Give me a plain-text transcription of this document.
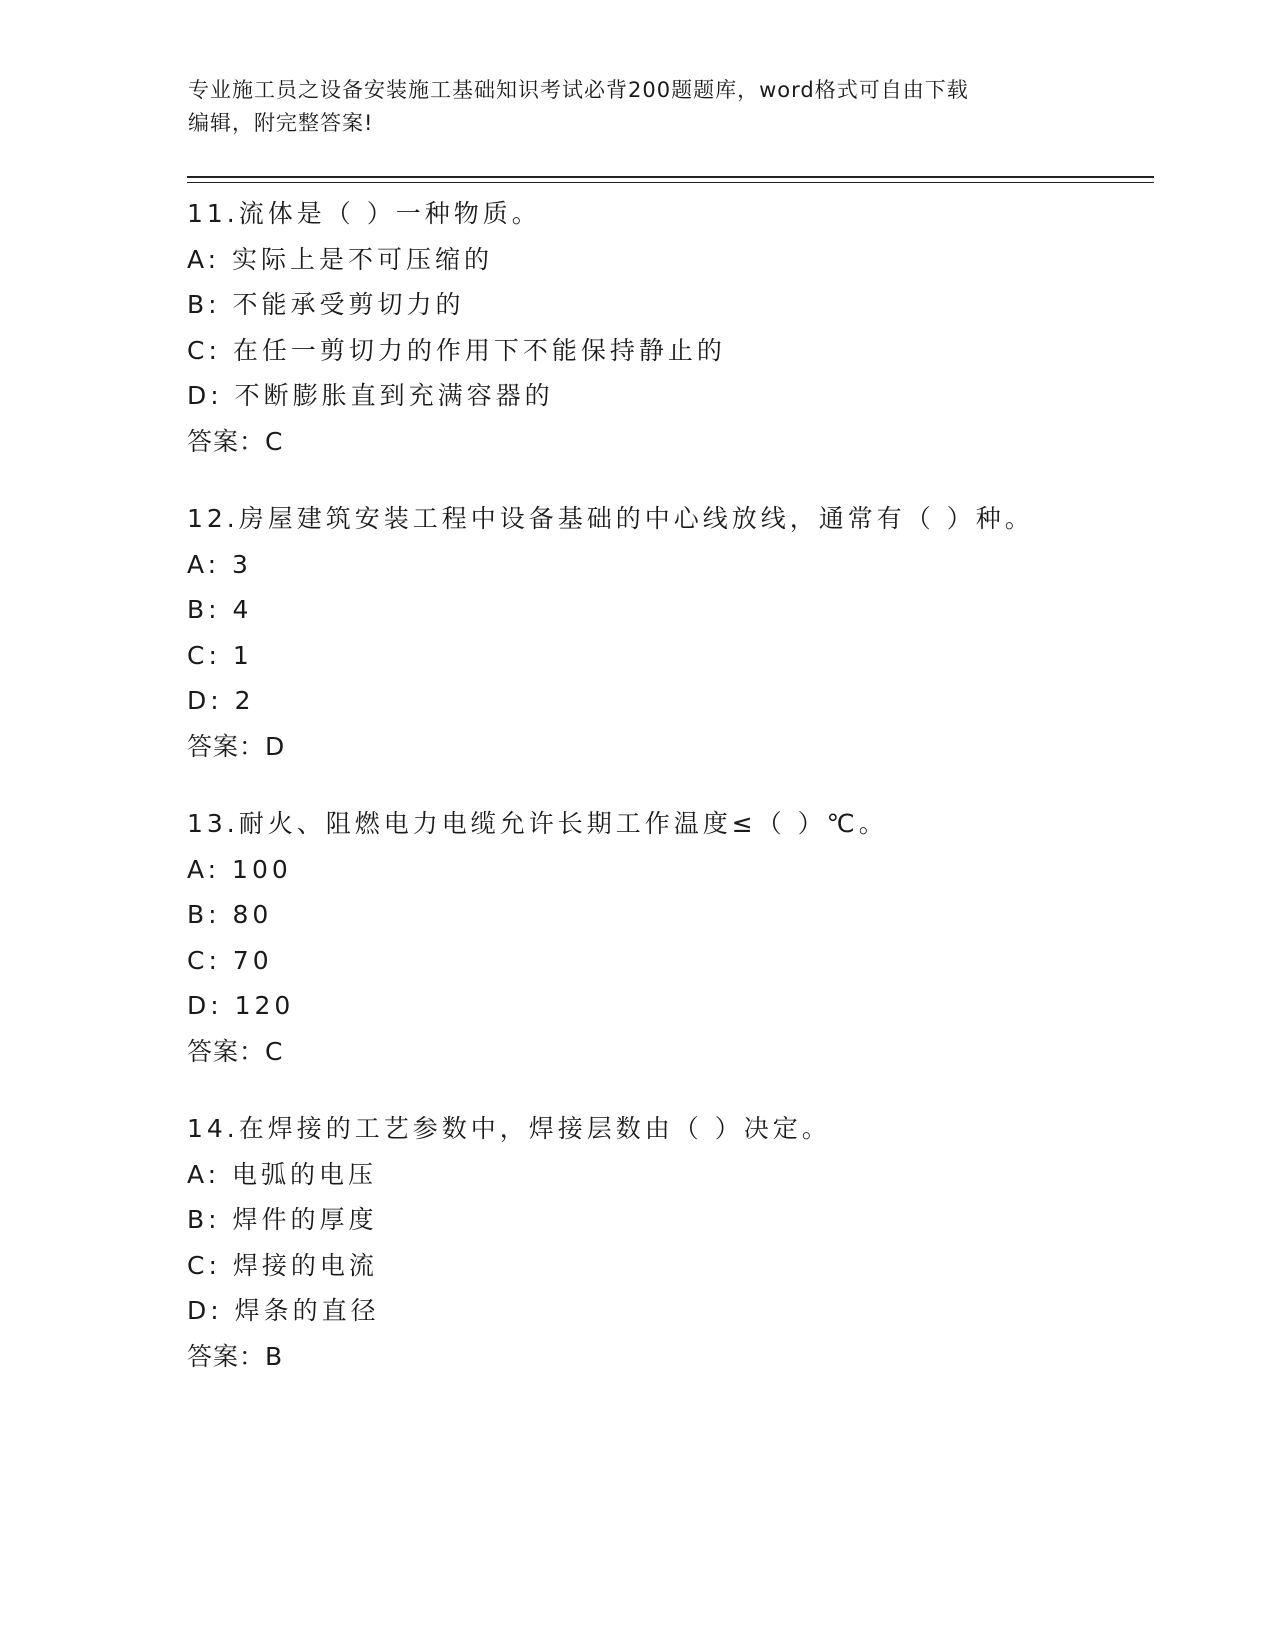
专业施工员之设备安装施工基础知识考试必背200题题库，word格式可自由下载
编辑，附完整答案!
11.流体是（ ）一种物质。
A: 实际上是不可压缩的
B: 不能承受剪切力的
C: 在任一剪切力的作用下不能保持静止的
D: 不断膨胀直到充满容器的
答案：C
12.房屋建筑安装工程中设备基础的中心线放线，通常有（ ）种。
A: 3
B: 4
C: 1
D: 2
答案：D
13.耐火、阻燃电力电缆允许长期工作温度≤（ ）℃。
A: 100
B: 80
C: 70
D: 120
答案：C
14.在焊接的工艺参数中，焊接层数由（ ）决定。
A: 电弧的电压
B: 焊件的厚度
C: 焊接的电流
D: 焊条的直径
答案：B
